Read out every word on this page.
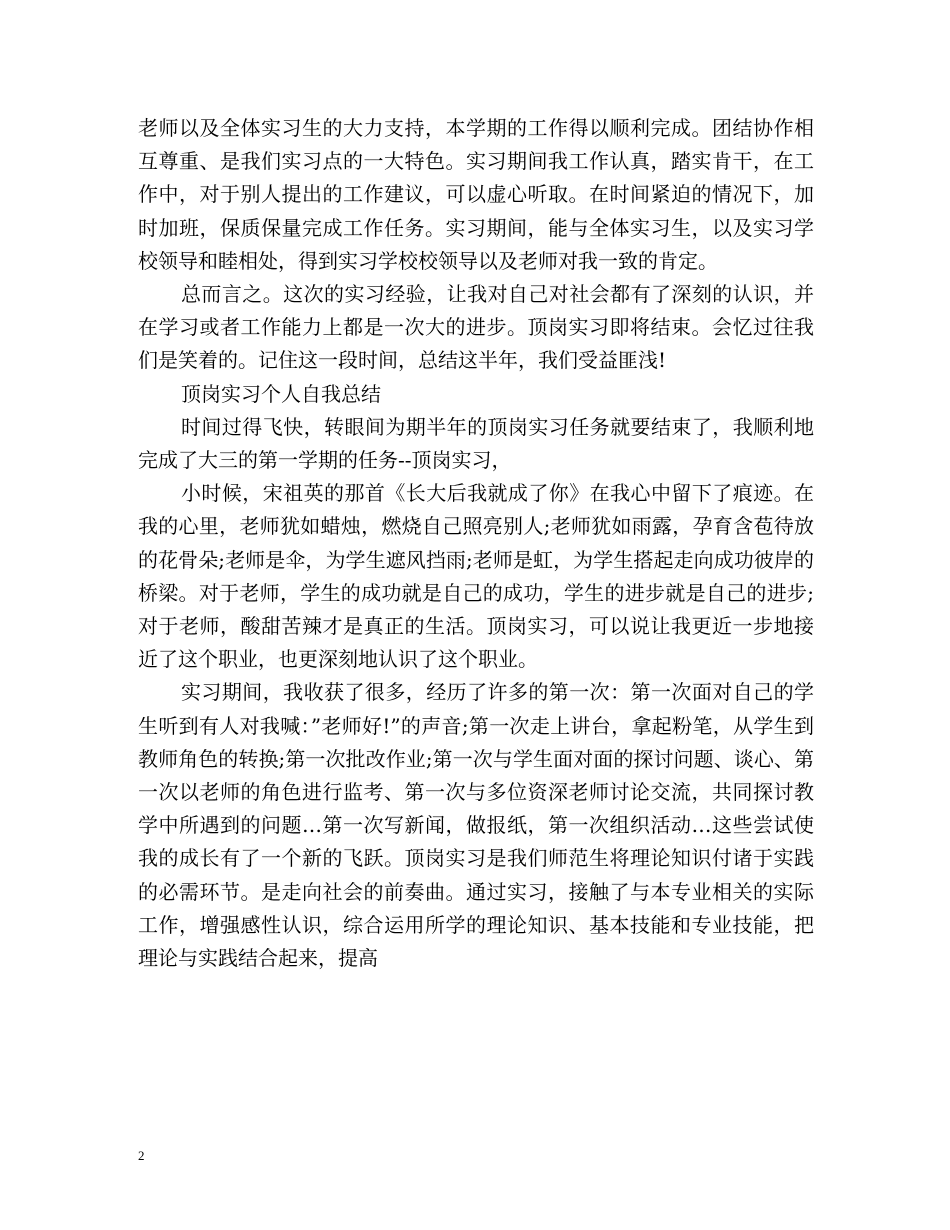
老师以及全体实习生的大力支持，本学期的工作得以顺利完成。团结协作相互尊重、是我们实习点的一大特色。实习期间我工作认真，踏实肯干，在工作中，对于别人提出的工作建议，可以虚心听取。在时间紧迫的情况下，加时加班，保质保量完成工作任务。实习期间，能与全体实习生，以及实习学校领导和睦相处，得到实习学校校领导以及老师对我一致的肯定。

总而言之。这次的实习经验，让我对自己对社会都有了深刻的认识，并在学习或者工作能力上都是一次大的进步。顶岗实习即将结束。会忆过往我们是笑着的。记住这一段时间，总结这半年，我们受益匪浅!

顶岗实习个人自我总结

时间过得飞快，转眼间为期半年的顶岗实习任务就要结束了，我顺利地完成了大三的第一学期的任务--顶岗实习，

小时候，宋祖英的那首《长大后我就成了你》在我心中留下了痕迹。在我的心里，老师犹如蜡烛，燃烧自己照亮别人;老师犹如雨露，孕育含苞待放的花骨朵;老师是伞，为学生遮风挡雨;老师是虹，为学生搭起走向成功彼岸的桥梁。对于老师，学生的成功就是自己的成功，学生的进步就是自己的进步;对于老师，酸甜苦辣才是真正的生活。顶岗实习，可以说让我更近一步地接近了这个职业，也更深刻地认识了这个职业。

实习期间，我收获了很多，经历了许多的第一次：第一次面对自己的学生听到有人对我喊：”老师好!”的声音;第一次走上讲台，拿起粉笔，从学生到教师角色的转换;第一次批改作业;第一次与学生面对面的探讨问题、谈心、第一次以老师的角色进行监考、第一次与多位资深老师讨论交流，共同探讨教学中所遇到的问题…第一次写新闻，做报纸，第一次组织活动…这些尝试使我的成长有了一个新的飞跃。顶岗实习是我们师范生将理论知识付诸于实践的必需环节。是走向社会的前奏曲。通过实习，接触了与本专业相关的实际工作，增强感性认识，综合运用所学的理论知识、基本技能和专业技能，把理论与实践结合起来，提高

2
